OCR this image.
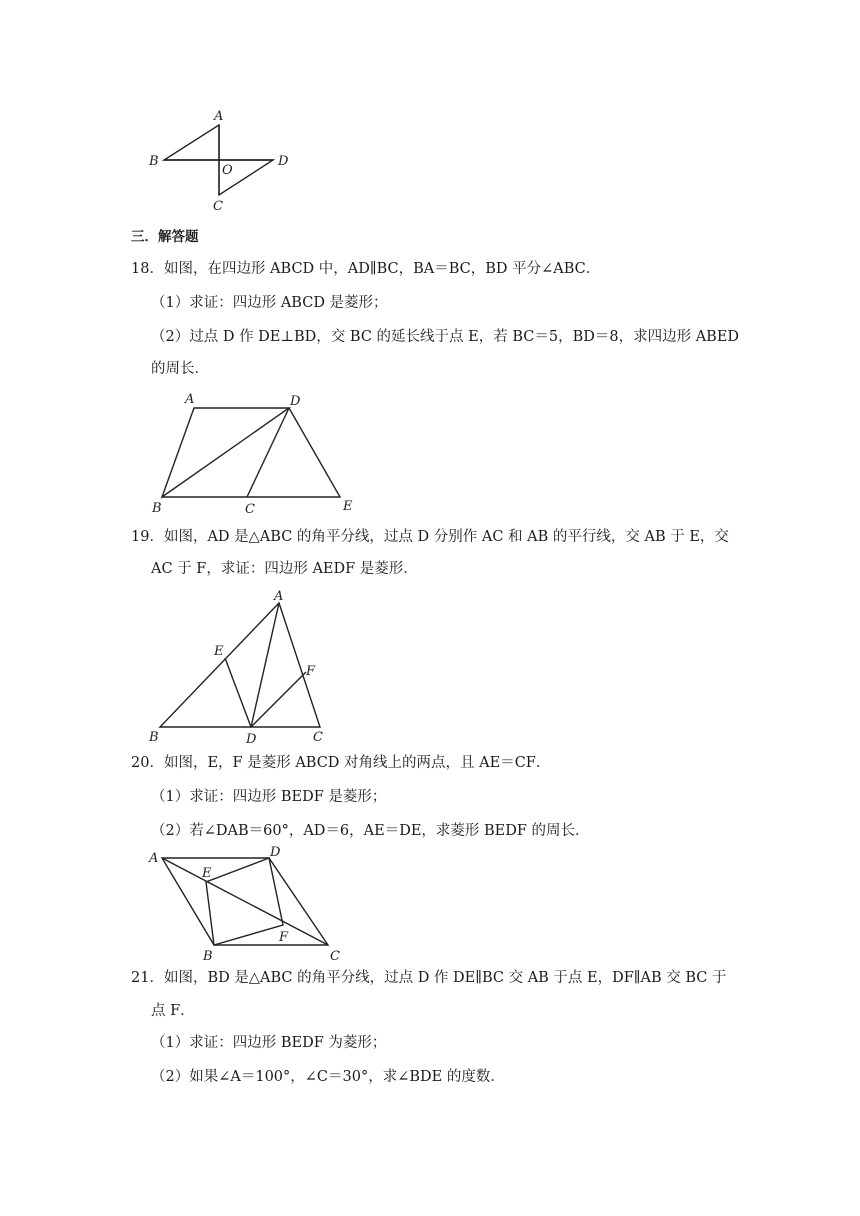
A
B
O
D
C
三．解答题
18．如图，在四边形 ABCD 中，AD∥BC，BA＝BC，BD 平分∠ABC．
（1）求证：四边形 ABCD 是菱形；
（2）过点 D 作 DE⊥BD，交 BC 的延长线于点 E，若 BC＝5，BD＝8，求四边形 ABED
的周长．
A	D
B	C	E
19．如图，AD 是△ABC 的角平分线，过点 D 分别作 AC 和 AB 的平行线，交 AB 于 E，交
AC 于 F，求证：四边形 AEDF 是菱形．
A
E
F
B	D	C
20．如图，E，F 是菱形 ABCD 对角线上的两点，且 AE＝CF．
（1）求证：四边形 BEDF 是菱形；
（2）若∠DAB＝60°，AD＝6，AE＝DE，求菱形 BEDF 的周长．
A	D
E
F
B	C
21．如图，BD 是△ABC 的角平分线，过点 D 作 DE∥BC 交 AB 于点 E，DF∥AB 交 BC 于
点 F．
（1）求证：四边形 BEDF 为菱形；
（2）如果∠A＝100°，∠C＝30°，求∠BDE 的度数．
